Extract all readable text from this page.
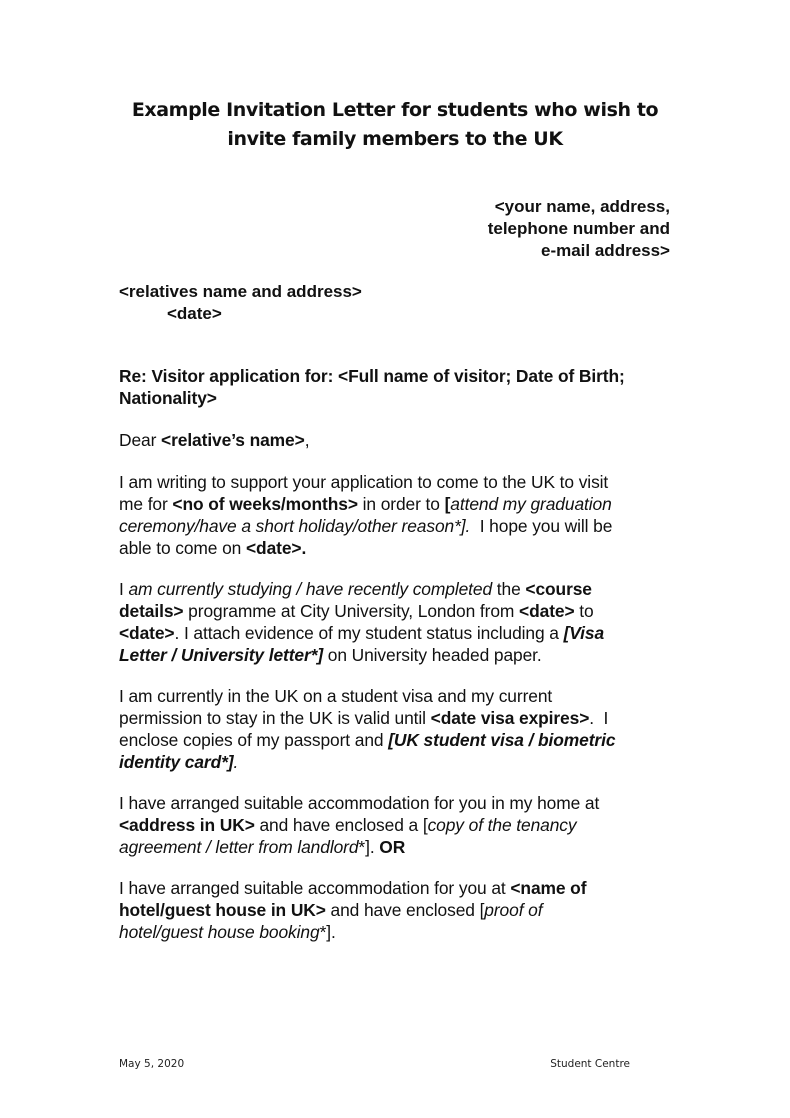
Example Invitation Letter for students who wish to
invite family members to the UK
<your name, address,
telephone number and
e-mail address>
<relatives name and address>
<date>
Re: Visitor application for: <Full name of visitor; Date of Birth;
Nationality>
Dear <relative’s name>,
I am writing to support your application to come to the UK to visit
me for <no of weeks/months> in order to [attend my graduation
ceremony/have a short holiday/other reason*].  I hope you will be
able to come on <date>.
I am currently studying / have recently completed the <course
details> programme at City University, London from <date> to
<date>. I attach evidence of my student status including a [Visa
Letter / University letter*] on University headed paper.
I am currently in the UK on a student visa and my current
permission to stay in the UK is valid until <date visa expires>.  I
enclose copies of my passport and [UK student visa / biometric
identity card*].
I have arranged suitable accommodation for you in my home at
<address in UK> and have enclosed a [copy of the tenancy
agreement / letter from landlord*]. OR
I have arranged suitable accommodation for you at <name of
hotel/guest house in UK> and have enclosed [proof of
hotel/guest house booking*].
May 5, 2020	Student Centre
